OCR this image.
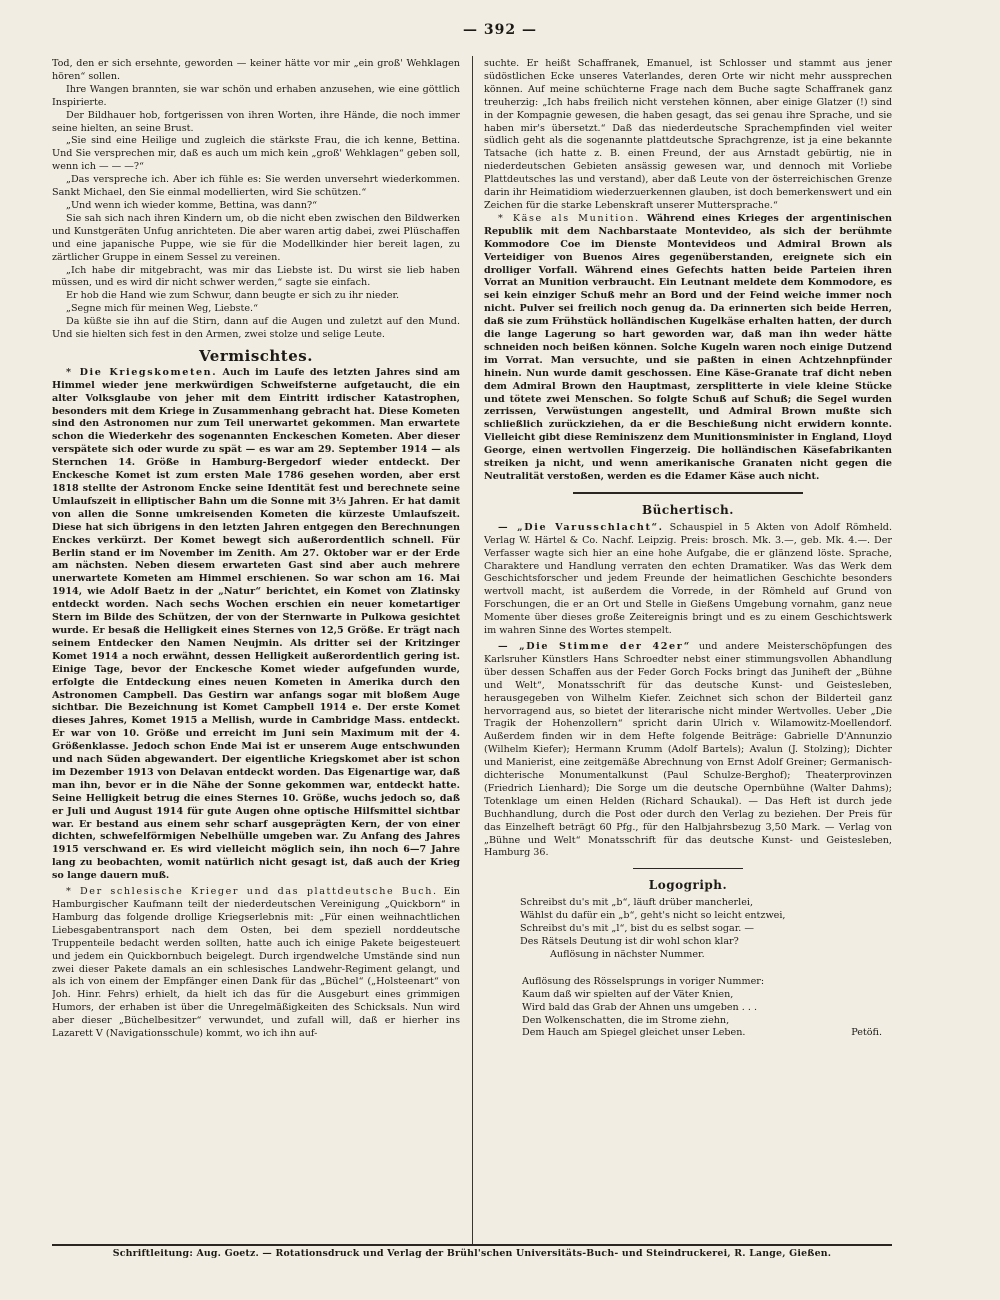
— 392 —

Tod, den er sich ersehnte, geworden — keiner hätte vor mir „ein groß' Wehklagen hören“ sollen.

Ihre Wangen brannten, sie war schön und erhaben anzusehen, wie eine göttlich Inspirierte.

Der Bildhauer hob, fortgerissen von ihren Worten, ihre Hände, die noch immer seine hielten, an seine Brust.

„Sie sind eine Heilige und zugleich die stärkste Frau, die ich kenne, Bettina. Und Sie versprechen mir, daß es auch um mich kein „groß' Wehklagen“ geben soll, wenn ich — — —?“

„Das verspreche ich. Aber ich fühle es: Sie werden unversehrt wiederkommen. Sankt Michael, den Sie einmal modellierten, wird Sie schützen.“

„Und wenn ich wieder komme, Bettina, was dann?“

Sie sah sich nach ihren Kindern um, ob die nicht eben zwischen den Bildwerken und Kunstgeräten Unfug anrichteten. Die aber waren artig dabei, zwei Plüschaffen und eine japanische Puppe, wie sie für die Modellkinder hier bereit lagen, zu zärtlicher Gruppe in einem Sessel zu vereinen.

„Ich habe dir mitgebracht, was mir das Liebste ist. Du wirst sie lieb haben müssen, und es wird dir nicht schwer werden,“ sagte sie einfach.

Er hob die Hand wie zum Schwur, dann beugte er sich zu ihr nieder.

„Segne mich für meinen Weg, Liebste.“

Da küßte sie ihn auf die Stirn, dann auf die Augen und zuletzt auf den Mund. Und sie hielten sich fest in den Armen, zwei stolze und selige Leute.

Vermischtes.

* Die Kriegskometen. Auch im Laufe des letzten Jahres sind am Himmel wieder jene merkwürdigen Schweifsterne aufgetaucht, die ein alter Volksglaube von jeher mit dem Eintritt irdischer Katastrophen, besonders mit dem Kriege in Zusammenhang gebracht hat. Diese Kometen sind den Astronomen nur zum Teil unerwartet gekommen. Man erwartete schon die Wiederkehr des sogenannten Enckeschen Kometen. Aber dieser verspätete sich oder wurde zu spät — es war am 29. September 1914 — als Sternchen 14. Größe in Hamburg-Bergedorf wieder entdeckt. Der Enckesche Komet ist zum ersten Male 1786 gesehen worden, aber erst 1818 stellte der Astronom Encke seine Identität fest und berechnete seine Umlaufszeit in elliptischer Bahn um die Sonne mit 3⅓ Jahren. Er hat damit von allen die Sonne umkreisenden Kometen die kürzeste Umlaufszeit. Diese hat sich übrigens in den letzten Jahren entgegen den Berechnungen Enckes verkürzt. Der Komet bewegt sich außerordentlich schnell. Für Berlin stand er im November im Zenith. Am 27. Oktober war er der Erde am nächsten. Neben diesem erwarteten Gast sind aber auch mehrere unerwartete Kometen am Himmel erschienen. So war schon am 16. Mai 1914, wie Adolf Baetz in der „Natur“ berichtet, ein Komet von Zlatinsky entdeckt worden. Nach sechs Wochen erschien ein neuer kometartiger Stern im Bilde des Schützen, der von der Sternwarte in Pulkowa gesichtet wurde. Er besaß die Helligkeit eines Sternes von 12,5 Größe. Er trägt nach seinem Entdecker den Namen Neujmin. Als dritter sei der Kritzinger Komet 1914 a noch erwähnt, dessen Helligkeit außerordentlich gering ist. Einige Tage, bevor der Enckesche Komet wieder aufgefunden wurde, erfolgte die Entdeckung eines neuen Kometen in Amerika durch den Astronomen Campbell. Das Gestirn war anfangs sogar mit bloßem Auge sichtbar. Die Bezeichnung ist Komet Campbell 1914 e. Der erste Komet dieses Jahres, Komet 1915 a Mellish, wurde in Cambridge Mass. entdeckt. Er war von 10. Größe und erreicht im Juni sein Maximum mit der 4. Größenklasse. Jedoch schon Ende Mai ist er unserem Auge entschwunden und nach Süden abgewandert. Der eigentliche Kriegskomet aber ist schon im Dezember 1913 von Delavan entdeckt worden. Das Eigenartige war, daß man ihn, bevor er in die Nähe der Sonne gekommen war, entdeckt hatte. Seine Helligkeit betrug die eines Sternes 10. Größe, wuchs jedoch so, daß er Juli und August 1914 für gute Augen ohne optische Hilfsmittel sichtbar war. Er bestand aus einem sehr scharf ausgeprägten Kern, der von einer dichten, schwefelförmigen Nebelhülle umgeben war. Zu Anfang des Jahres 1915 verschwand er. Es wird vielleicht möglich sein, ihn noch 6—7 Jahre lang zu beobachten, womit natürlich nicht gesagt ist, daß auch der Krieg so lange dauern muß.

* Der schlesische Krieger und das plattdeutsche Buch. Ein Hamburgischer Kaufmann teilt der niederdeutschen Vereinigung „Quickborn“ in Hamburg das folgende drollige Kriegserlebnis mit: „Für einen weihnachtlichen Liebesgabentransport nach dem Osten, bei dem speziell norddeutsche Truppenteile bedacht werden sollten, hatte auch ich einige Pakete beigesteuert und jedem ein Quickbornbuch beigelegt. Durch irgendwelche Umstände sind nun zwei dieser Pakete damals an ein schlesisches Landwehr-Regiment gelangt, und als ich von einem der Empfänger einen Dank für das „Büchel“ („Holsteenart“ von Joh. Hinr. Fehrs) erhielt, da hielt ich das für die Ausgeburt eines grimmigen Humors, der erhaben ist über die Unregelmäßigkeiten des Schicksals. Nun wird aber dieser „Büchelbesitzer“ verwundet, und zufall will, daß er hierher ins Lazarett V (Navigationsschule) kommt, wo ich ihn auf-

suchte. Er heißt Schaffranek, Emanuel, ist Schlosser und stammt aus jener südöstlichen Ecke unseres Vaterlandes, deren Orte wir nicht mehr aussprechen können. Auf meine schüchterne Frage nach dem Buche sagte Schaffranek ganz treuherzig: „Ich habs freilich nicht verstehen können, aber einige Glatzer (!) sind in der Kompagnie gewesen, die haben gesagt, das sei genau ihre Sprache, und sie haben mir's übersetzt.“ Daß das niederdeutsche Sprachempfinden viel weiter südlich geht als die sogenannte plattdeutsche Sprachgrenze, ist ja eine bekannte Tatsache (ich hatte z. B. einen Freund, der aus Arnstadt gebürtig, nie in niederdeutschen Gebieten ansässig gewesen war, und dennoch mit Vorliebe Plattdeutsches las und verstand), aber daß Leute von der österreichischen Grenze darin ihr Heimatidiom wiederzuerkennen glauben, ist doch bemerkenswert und ein Zeichen für die starke Lebenskraft unserer Muttersprache.“

* Käse als Munition. Während eines Krieges der argentinischen Republik mit dem Nachbarstaate Montevideo, als sich der berühmte Kommodore Coe im Dienste Montevideos und Admiral Brown als Verteidiger von Buenos Aires gegenüberstanden, ereignete sich ein drolliger Vorfall. Während eines Gefechts hatten beide Parteien ihren Vorrat an Munition verbraucht. Ein Leutnant meldete dem Kommodore, es sei kein einziger Schuß mehr an Bord und der Feind weiche immer noch nicht. Pulver sei freilich noch genug da. Da erinnerten sich beide Herren, daß sie zum Frühstück holländischen Kugelkäse erhalten hatten, der durch die lange Lagerung so hart geworden war, daß man ihn weder hätte schneiden noch beißen können. Solche Kugeln waren noch einige Dutzend im Vorrat. Man versuchte, und sie paßten in einen Achtzehnpfünder hinein. Nun wurde damit geschossen. Eine Käse-Granate traf dicht neben dem Admiral Brown den Hauptmast, zersplitterte in viele kleine Stücke und tötete zwei Menschen. So folgte Schuß auf Schuß; die Segel wurden zerrissen, Verwüstungen angestellt, und Admiral Brown mußte sich schließlich zurückziehen, da er die Beschießung nicht erwidern konnte. Vielleicht gibt diese Reminiszenz dem Munitionsminister in England, Lloyd George, einen wertvollen Fingerzeig. Die holländischen Käsefabrikanten streiken ja nicht, und wenn amerikanische Granaten nicht gegen die Neutralität verstoßen, werden es die Edamer Käse auch nicht.

Büchertisch.

— „Die Varusschlacht“. Schauspiel in 5 Akten von Adolf Römheld. Verlag W. Härtel & Co. Nachf. Leipzig. Preis: brosch. Mk. 3.—, geb. Mk. 4.—. Der Verfasser wagte sich hier an eine hohe Aufgabe, die er glänzend löste. Sprache, Charaktere und Handlung verraten den echten Dramatiker. Was das Werk dem Geschichtsforscher und jedem Freunde der heimatlichen Geschichte besonders wertvoll macht, ist außerdem die Vorrede, in der Römheld auf Grund von Forschungen, die er an Ort und Stelle in Gießens Umgebung vornahm, ganz neue Momente über dieses große Zeitereignis bringt und es zu einem Geschichtswerk im wahren Sinne des Wortes stempelt.

— „Die Stimme der 42er“ und andere Meisterschöpfungen des Karlsruher Künstlers Hans Schroedter nebst einer stimmungsvollen Abhandlung über dessen Schaffen aus der Feder Gorch Focks bringt das Juniheft der „Bühne und Welt“, Monatsschrift für das deutsche Kunst- und Geistesleben, herausgegeben von Wilhelm Kiefer. Zeichnet sich schon der Bilderteil ganz hervorragend aus, so bietet der literarische nicht minder Wertvolles. Ueber „Die Tragik der Hohenzollern“ spricht darin Ulrich v. Wilamowitz-Moellendorf. Außerdem finden wir in dem Hefte folgende Beiträge: Gabrielle D'Annunzio (Wilhelm Kiefer); Hermann Krumm (Adolf Bartels); Avalun (J. Stolzing); Dichter und Manierist, eine zeitgemäße Abrechnung von Ernst Adolf Greiner; Germanisch-dichterische Monumentalkunst (Paul Schulze-Berghof); Theaterprovinzen (Friedrich Lienhard); Die Sorge um die deutsche Opernbühne (Walter Dahms); Totenklage um einen Helden (Richard Schaukal). — Das Heft ist durch jede Buchhandlung, durch die Post oder durch den Verlag zu beziehen. Der Preis für das Einzelheft beträgt 60 Pfg., für den Halbjahrsbezug 3,50 Mark. — Verlag von „Bühne und Welt“ Monatsschrift für das deutsche Kunst- und Geistesleben, Hamburg 36.

Logogriph.
Schreibst du's mit „b“, läuft drüber mancherlei,
Wählst du dafür ein „b“, geht's nicht so leicht entzwei,
Schreibst du's mit „l“, bist du es selbst sogar. —
Des Rätsels Deutung ist dir wohl schon klar?
Auflösung in nächster Nummer.
Auflösung des Rösselsprungs in voriger Nummer:
Kaum daß wir spielten auf der Väter Knien,
Wird bald das Grab der Ahnen uns umgeben . . .
Den Wolkenschatten, die im Strome ziehn,
Dem Hauch am Spiegel gleichet unser Leben.	Petöfi.
Schriftleitung: Aug. Goetz. — Rotationsdruck und Verlag der Brühl'schen Universitäts-Buch- und Steindruckerei, R. Lange, Gießen.
